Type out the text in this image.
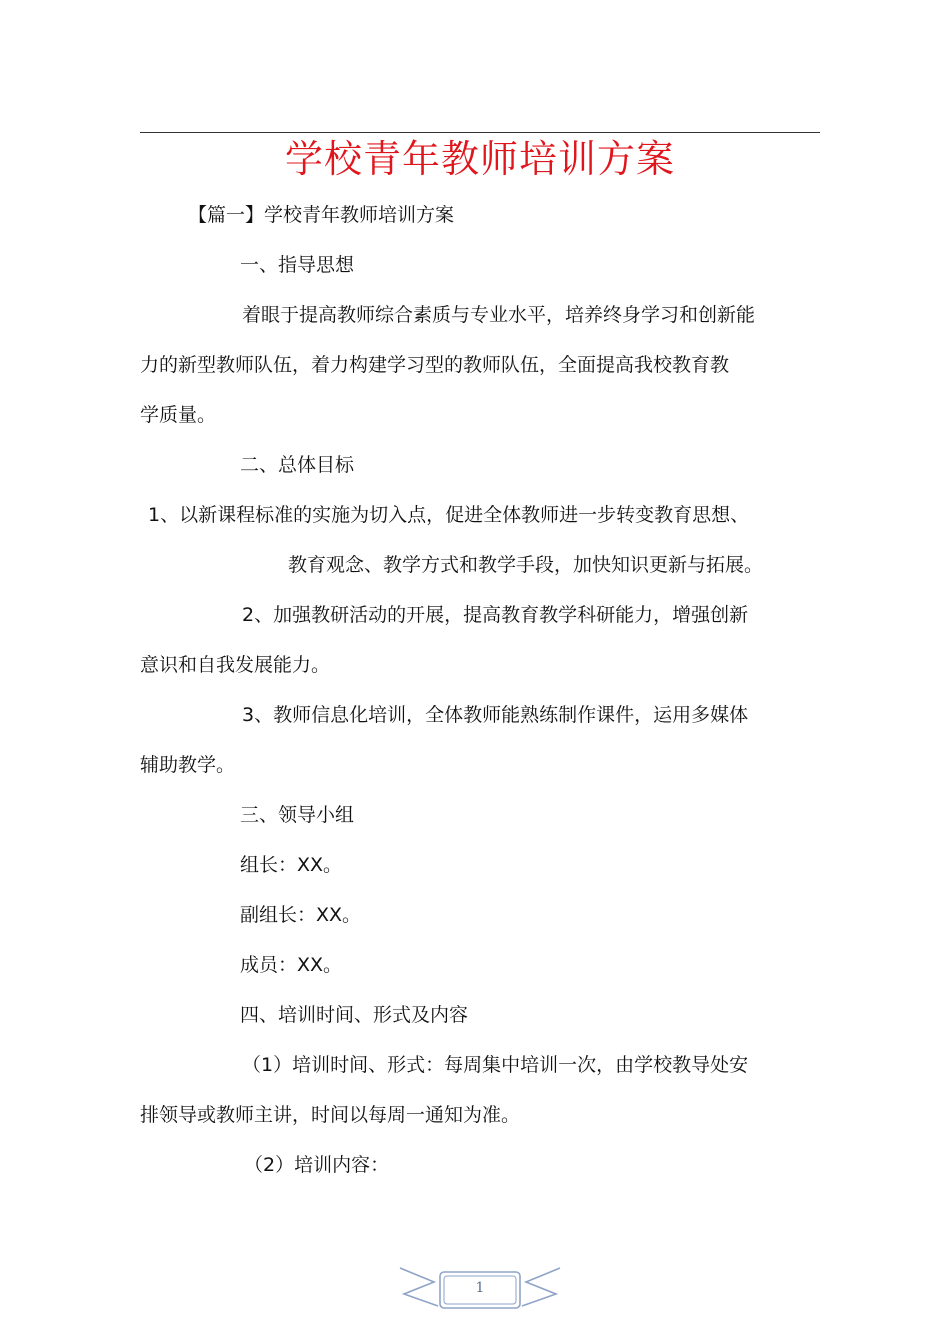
学校青年教师培训方案
【篇一】学校青年教师培训方案
一、指导思想
着眼于提高教师综合素质与专业水平，培养终身学习和创新能
力的新型教师队伍，着力构建学习型的教师队伍，全面提高我校教育教
学质量。
二、总体目标
1、以新课程标准的实施为切入点，促进全体教师进一步转变教育思想、
教育观念、教学方式和教学手段，加快知识更新与拓展。
2、加强教研活动的开展，提高教育教学科研能力，增强创新
意识和自我发展能力。
3、教师信息化培训，全体教师能熟练制作课件，运用多媒体
辅助教学。
三、领导小组
组长：XX。
副组长：XX。
成员：XX。
四、培训时间、形式及内容
（1）培训时间、形式：每周集中培训一次，由学校教导处安
排领导或教师主讲，时间以每周一通知为准。
（2）培训内容：
1
